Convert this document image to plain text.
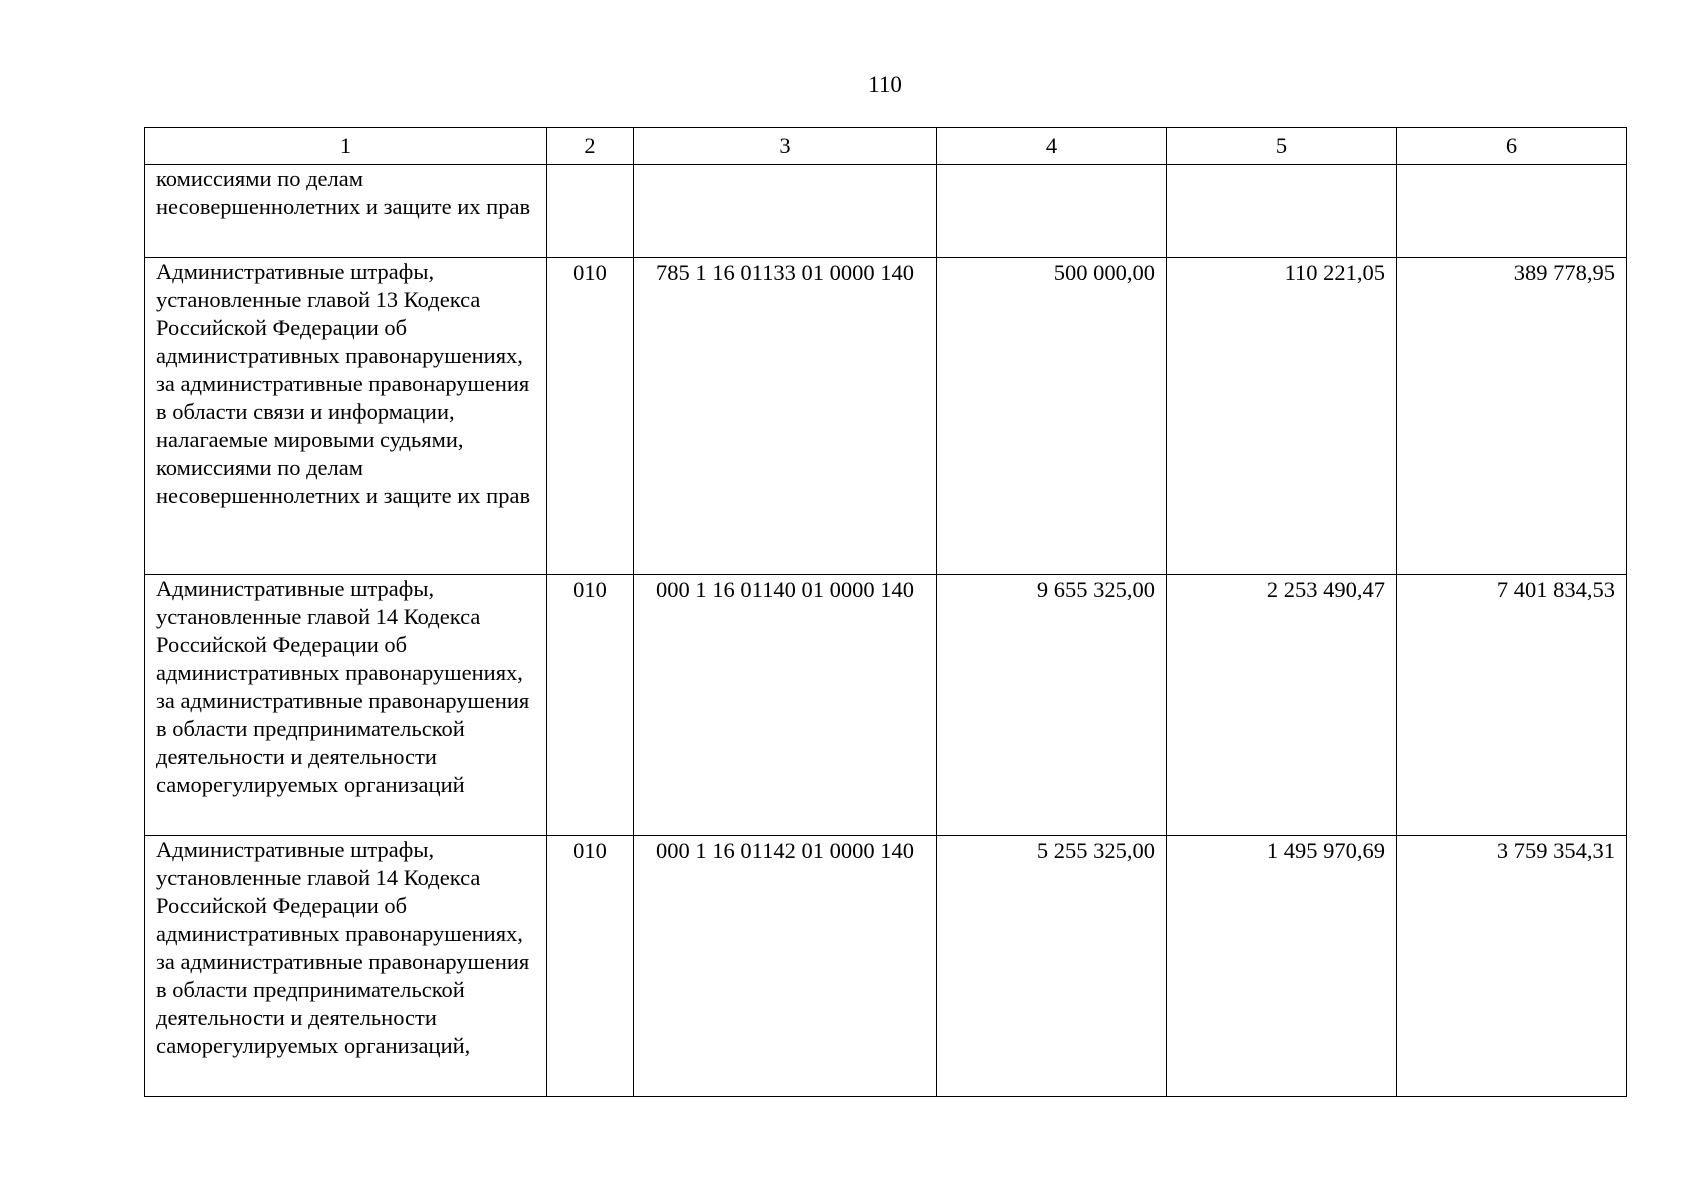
110
1	2	3	4	5	6
комиссиями по делам несовершеннолетних и защите их прав					
Административные штрафы, установленные главой 13 Кодекса Российской Федерации об административных правонарушениях, за административные правонарушения в области связи и информации, налагаемые мировыми судьями, комиссиями по делам несовершеннолетних и защите их прав	010	785 1 16 01133 01 0000 140	500 000,00	110 221,05	389 778,95
Административные штрафы, установленные главой 14 Кодекса Российской Федерации об административных правонарушениях, за административные правонарушения в области предпринимательской деятельности и деятельности саморегулируемых организаций	010	000 1 16 01140 01 0000 140	9 655 325,00	2 253 490,47	7 401 834,53
Административные штрафы, установленные главой 14 Кодекса Российской Федерации об административных правонарушениях, за административные правонарушения в области предпринимательской деятельности и деятельности саморегулируемых организаций,	010	000 1 16 01142 01 0000 140	5 255 325,00	1 495 970,69	3 759 354,31
